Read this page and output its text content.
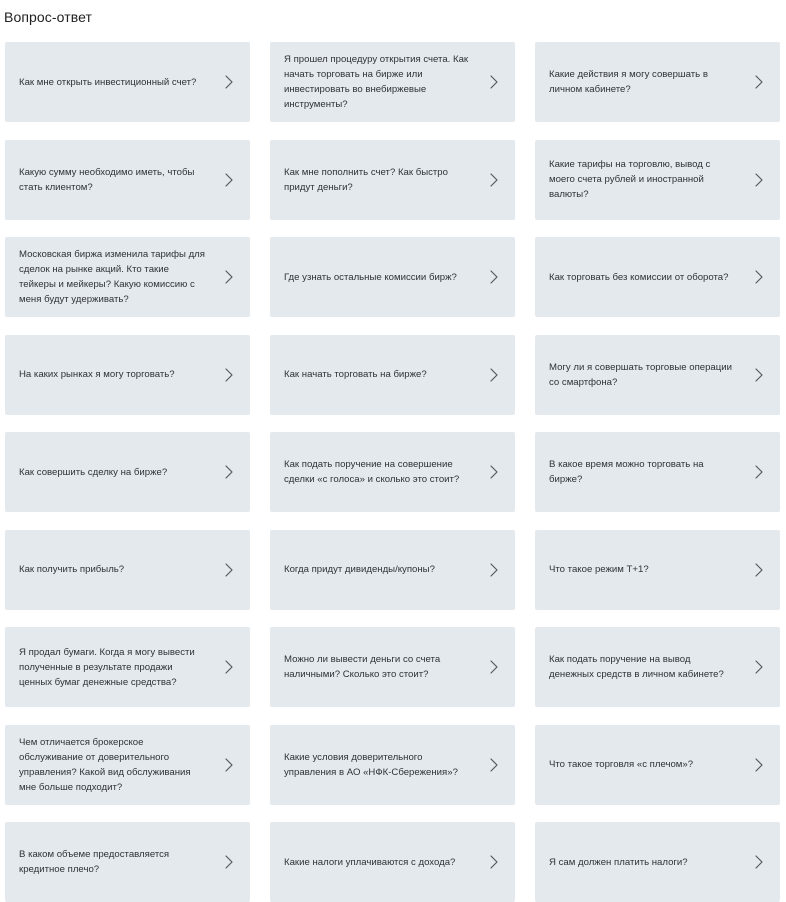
Вопрос-ответ
Как мне открыть инвестиционный счет?
Я прошел процедуру открытия счета. Как начать торговать на бирже или инвестировать во внебиржевые инструменты?
Какие действия я могу совершать в личном кабинете?
Какую сумму необходимо иметь, чтобы стать клиентом?
Как мне пополнить счет? Как быстро придут деньги?
Какие тарифы на торговлю, вывод с моего счета рублей и иностранной валюты?
Московская биржа изменила тарифы для сделок на рынке акций. Кто такие тейкеры и мейкеры? Какую комиссию с меня будут удерживать?
Где узнать остальные комиссии бирж?	Как торговать без комиссии от оборота?
На каких рынках я могу торговать?	Как начать торговать на бирже?
Могу ли я совершать торговые операции со смартфона?
Как совершить сделку на бирже?
Как подать поручение на совершение сделки «с голоса» и сколько это стоит?
В какое время можно торговать на бирже?
Как получить прибыль?	Когда придут дивиденды/купоны?	Что такое режим Т+1?
Я продал бумаги. Когда я могу вывести полученные в результате продажи ценных бумаг денежные средства?
Можно ли вывести деньги со счета наличными? Сколько это стоит?
Как подать поручение на вывод денежных средств в личном кабинете?
Чем отличается брокерское обслуживание от доверительного управления? Какой вид обслуживания мне больше подходит?
Какие условия доверительного управления в АО «НФК-Сбережения»?
Что такое торговля «с плечом»?
В каком объеме предоставляется кредитное плечо?
Какие налоги уплачиваются с дохода?	Я сам должен платить налоги?
